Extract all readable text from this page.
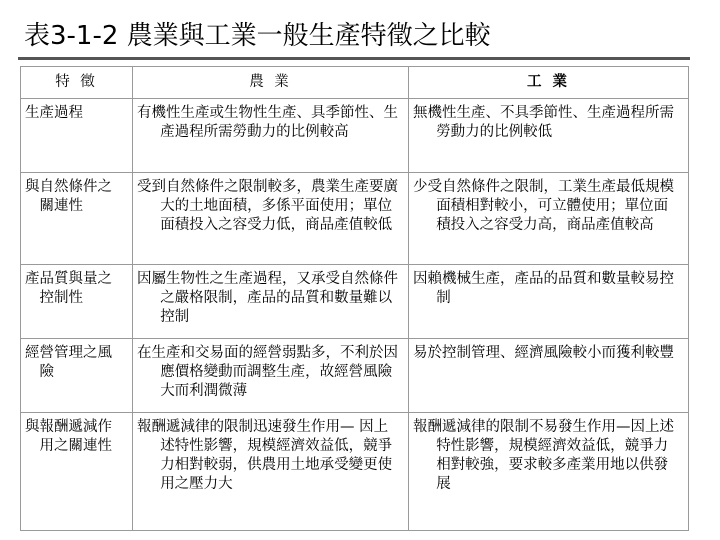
表3-1-2 農業與工業一般生產特徵之比較
特 徵	農 業	工 業

生產過程	有機性生產或生物性生產、具季節性、生產過程所需勞動力的比例較高	無機性生產、不具季節性、生產過程所需勞動力的比例較低

與自然條件之關連性	受到自然條件之限制較多，農業生產要廣大的土地面積，多係平面使用；單位面積投入之容受力低，商品產值較低	少受自然條件之限制，工業生產最低規模面積相對較小，可立體使用；單位面積投入之容受力高，商品產值較高

產品質與量之控制性	因屬生物性之生產過程，又承受自然條件之嚴格限制，產品的品質和數量難以控制	因賴機械生產，產品的品質和數量較易控制

經營管理之風險	在生產和交易面的經營弱點多，不利於因應價格變動而調整生產，故經營風險大而利潤微薄	易於控制管理、經濟風險較小而獲利較豐

與報酬遞減作用之關連性	報酬遞減律的限制迅速發生作用— 因上述特性影響，規模經濟效益低，競爭力相對較弱，供農用土地承受變更使用之壓力大	報酬遞減律的限制不易發生作用—因上述特性影響，規模經濟效益低，競爭力相對較強，要求較多產業用地以供發展
